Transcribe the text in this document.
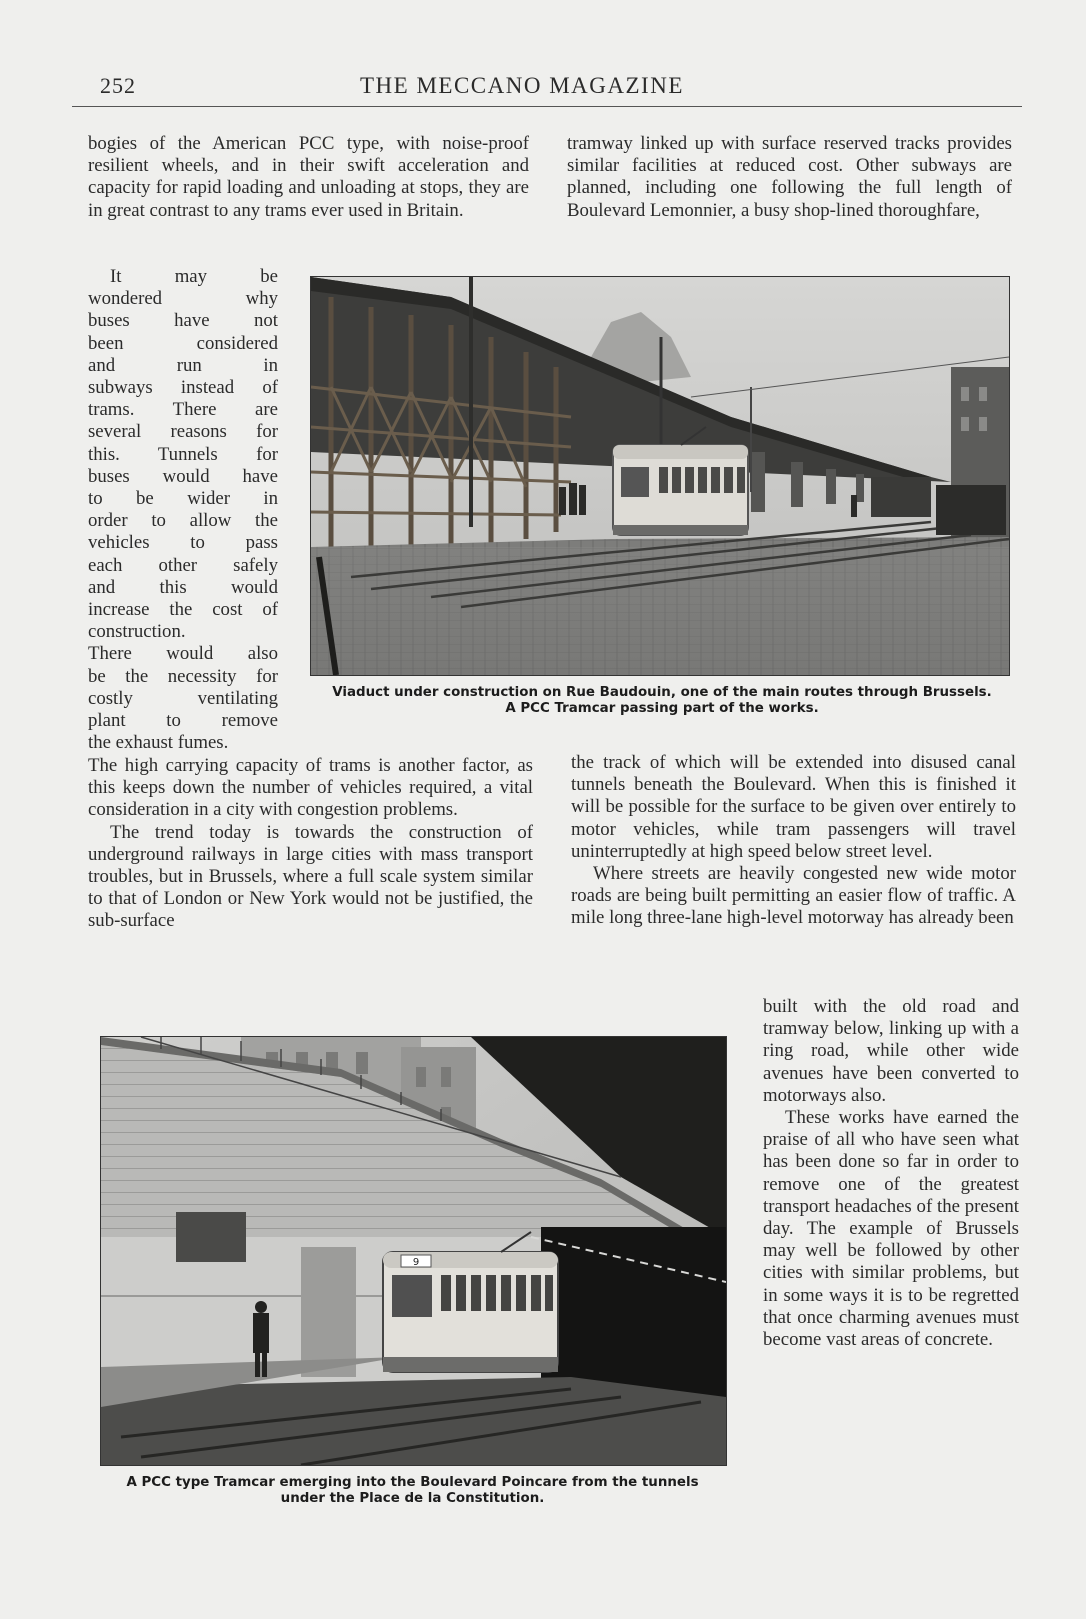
252	THE MECCANO MAGAZINE

bogies of the American PCC type, with noise-proof resilient wheels, and in their swift acceleration and capacity for rapid loading and unloading at stops, they are in great contrast to any trams ever used in Britain.

tramway linked up with surface reserved tracks provides similar facilities at reduced cost. Other subways are planned, including one following the full length of Boulevard Lemonnier, a busy shop-lined thoroughfare,

It may be
wondered why
buses have not
been considered
and run in
subways instead of
trams. There are
several reasons for
this. Tunnels for
buses would have
to be wider in
order to allow the
vehicles to pass
each other safely
and this would
increase the cost of
construction.
There would also
be the necessity for
costly ventilating
plant to remove
the exhaust fumes.
Viaduct under construction on Rue Baudouin, one of the main routes through Brussels.
A PCC Tramcar passing part of the works.

The high carrying capacity of trams is another factor, as this keeps down the number of vehicles required, a vital consideration in a city with congestion problems.

The trend today is towards the construction of underground railways in large cities with mass transport troubles, but in Brussels, where a full scale system similar to that of London or New York would not be justified, the sub-surface

the track of which will be extended into disused canal tunnels beneath the Boulevard. When this is finished it will be possible for the surface to be given over entirely to motor vehicles, while tram passengers will travel uninterruptedly at high speed below street level.

Where streets are heavily congested new wide motor roads are being built permitting an easier flow of traffic. A mile long three-lane high-level motorway has already been

9
A PCC type Tramcar emerging into the Boulevard Poincare from the tunnels
under the Place de la Constitution.

built with the old road and tramway below, linking up with a ring road, while other wide avenues have been converted to motorways also.

These works have earned the praise of all who have seen what has been done so far in order to remove one of the greatest transport headaches of the present day. The example of Brussels may well be followed by other cities with similar problems, but in some ways it is to be regretted that once charming avenues must become vast areas of concrete.
